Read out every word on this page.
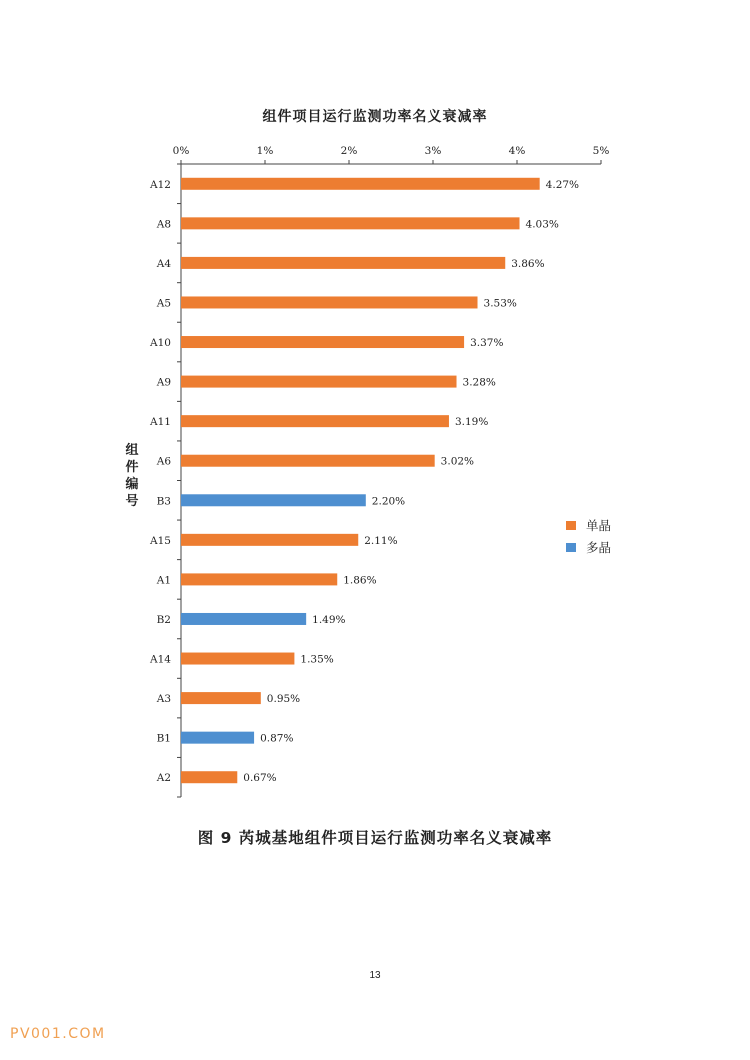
组件项目运行监测功率名义衰减率
组
件
编
号
0%	1%	2%	3%	4%	5%
A12	4.27%
A8	4.03%
A4	3.86%
A5	3.53%
A10	3.37%
A9	3.28%
A11	3.19%
A6	3.02%
B3	2.20%
A15	2.11%
A1	1.86%
B2	1.49%
A14	1.35%
A3	0.95%
B1	0.87%
A2	0.67%
单晶
多晶
图 9 芮城基地组件项目运行监测功率名义衰减率
13
PV001.COM
